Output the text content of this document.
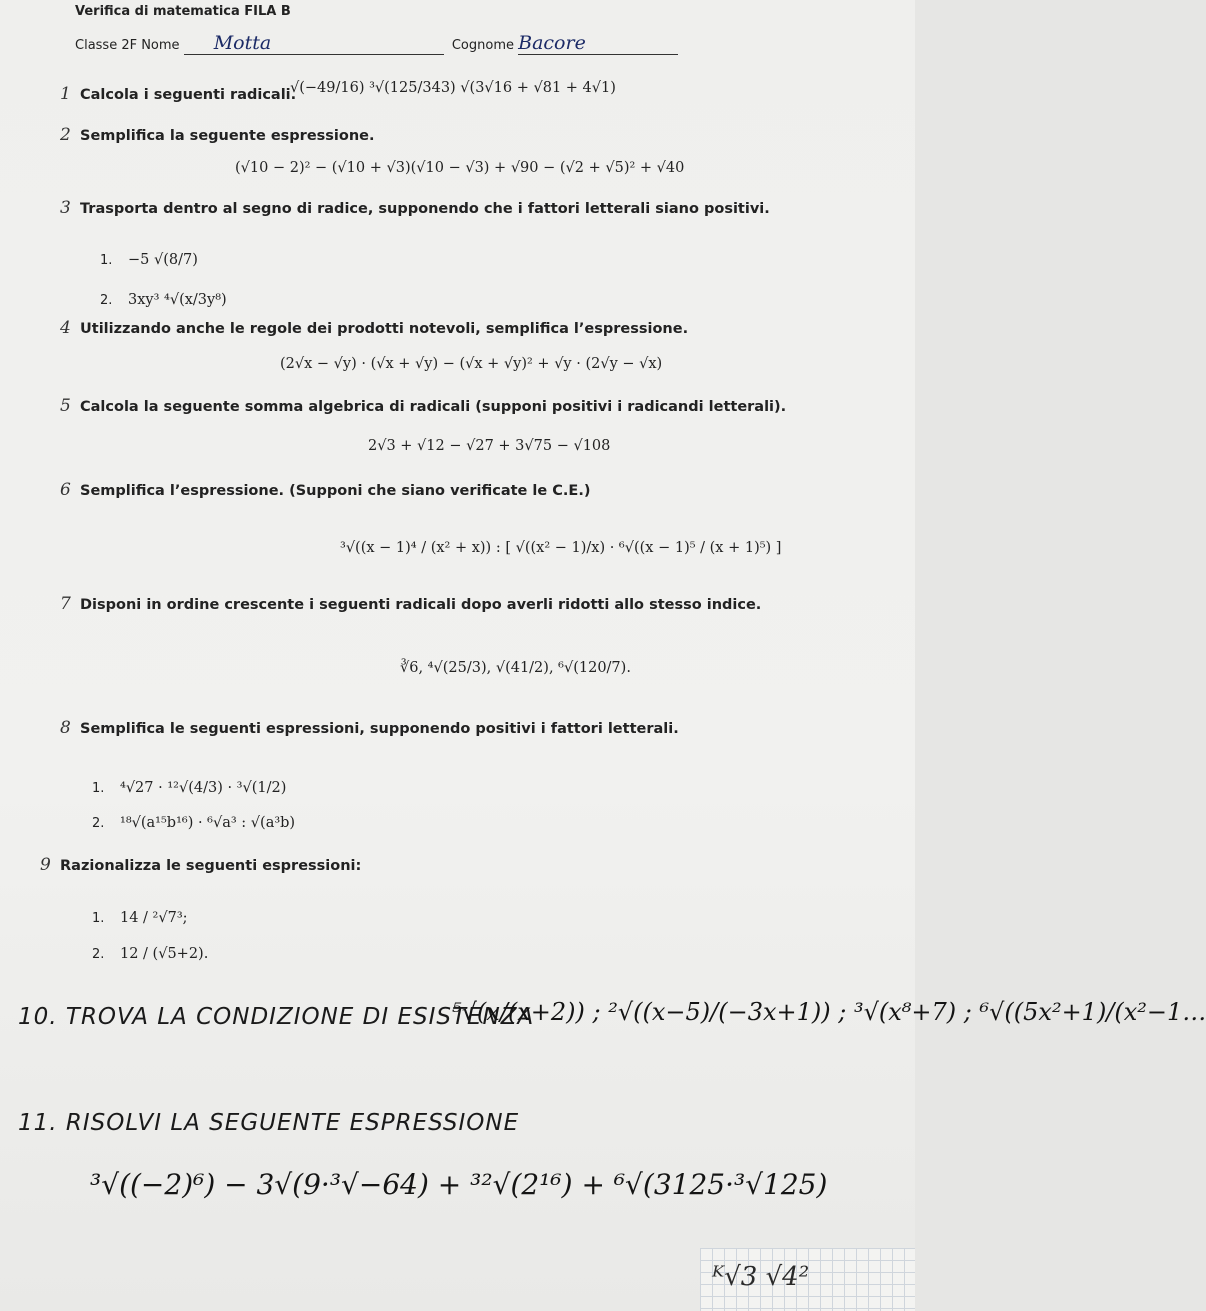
Verifica di matematica FILA B
Classe 2F Nome Motta	Cognome Bacore
1 Calcola i seguenti radicali.
√(−49/16) ³√(125/343) √(3√16 + √81 + 4√1)
2 Semplifica la seguente espressione.
(√10 − 2)² − (√10 + √3)(√10 − √3) + √90 − (√2 + √5)² + √40
3 Trasporta dentro al segno di radice, supponendo che i fattori letterali siano positivi.
1. −5 √(8/7)
2. 3xy³ ⁴√(x/3y⁸)
4 Utilizzando anche le regole dei prodotti notevoli, semplifica l’espressione.
(2√x − √y) · (√x + √y) − (√x + √y)² + √y · (2√y − √x)
5 Calcola la seguente somma algebrica di radicali (supponi positivi i radicandi letterali).
2√3 + √12 − √27 + 3√75 − √108
6 Semplifica l’espressione. (Supponi che siano verificate le C.E.)
³√((x − 1)⁴ / (x² + x)) : [ √((x² − 1)/x) · ⁶√((x − 1)⁵ / (x + 1)⁵) ]
7 Disponi in ordine crescente i seguenti radicali dopo averli ridotti allo stesso indice.
∛6, ⁴√(25/3), √(41/2), ⁶√(120/7).
8 Semplifica le seguenti espressioni, supponendo positivi i fattori letterali.
1. ⁴√27 · ¹²√(4/3) · ³√(1/2)
2. ¹⁸√(a¹⁵b¹⁶) · ⁶√a³ : √(a³b)
9 Razionalizza le seguenti espressioni:
1. 14 / ²√7³;
2. 12 / (√5+2).
10. TROVA LA CONDIZIONE DI ESISTENZA
⁵√(x/(x+2)) ; ²√((x−5)/(−3x+1)) ; ³√(x⁸+7) ; ⁶√((5x²+1)/(x²−1…
11. RISOLVI LA SEGUENTE ESPRESSIONE
³√((−2)⁶) − 3√(9·³√−64) + ³²√(2¹⁶) + ⁶√(3125·³√125)
ᴷ√3 √4²
